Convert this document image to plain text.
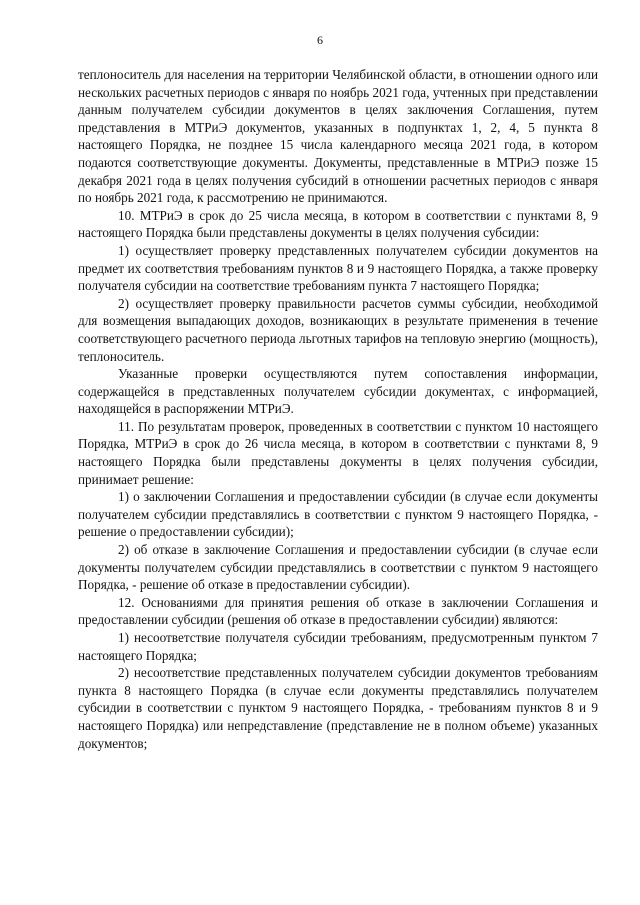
6

теплоноситель для населения на территории Челябинской области, в отношении одного или нескольких расчетных периодов с января по ноябрь 2021 года, учтенных при представлении данным получателем субсидии документов в целях заключения Соглашения, путем представления в МТРиЭ документов, указанных в подпунктах 1, 2, 4, 5 пункта 8 настоящего Порядка, не позднее 15 числа календарного месяца 2021 года, в котором подаются соответствующие документы. Документы, представленные в МТРиЭ позже 15 декабря 2021 года в целях получения субсидий в отношении расчетных периодов с января по ноябрь 2021 года, к рассмотрению не принимаются.

10. МТРиЭ в срок до 25 числа месяца, в котором в соответствии с пунктами 8, 9 настоящего Порядка были представлены документы в целях получения субсидии:

1) осуществляет проверку представленных получателем субсидии документов на предмет их соответствия требованиям пунктов 8 и 9 настоящего Порядка, а также проверку получателя субсидии на соответствие требованиям пункта 7 настоящего Порядка;

2) осуществляет проверку правильности расчетов суммы субсидии, необходимой для возмещения выпадающих доходов, возникающих в результате применения в течение соответствующего расчетного периода льготных тарифов на тепловую энергию (мощность), теплоноситель.

Указанные проверки осуществляются путем сопоставления информации, содержащейся в представленных получателем субсидии документах, с информацией, находящейся в распоряжении МТРиЭ.

11. По результатам проверок, проведенных в соответствии с пунктом 10 настоящего Порядка, МТРиЭ в срок до 26 числа месяца, в котором в соответствии с пунктами 8, 9 настоящего Порядка были представлены документы в целях получения субсидии, принимает решение:

1) о заключении Соглашения и предоставлении субсидии (в случае если документы получателем субсидии представлялись в соответствии с пунктом 9 настоящего Порядка, - решение о предоставлении субсидии);

2) об отказе в заключение Соглашения и предоставлении субсидии (в случае если документы получателем субсидии представлялись в соответствии с пунктом 9 настоящего Порядка, - решение об отказе в предоставлении субсидии).

12. Основаниями для принятия решения об отказе в заключении Соглашения и предоставлении субсидии (решения об отказе в предоставлении субсидии) являются:

1) несоответствие получателя субсидии требованиям, предусмотренным пунктом 7 настоящего Порядка;

2) несоответствие представленных получателем субсидии документов требованиям пункта 8 настоящего Порядка (в случае если документы представлялись получателем субсидии в соответствии с пунктом 9 настоящего Порядка, - требованиям пунктов 8 и 9 настоящего Порядка) или непредставление (представление не в полном объеме) указанных документов;
